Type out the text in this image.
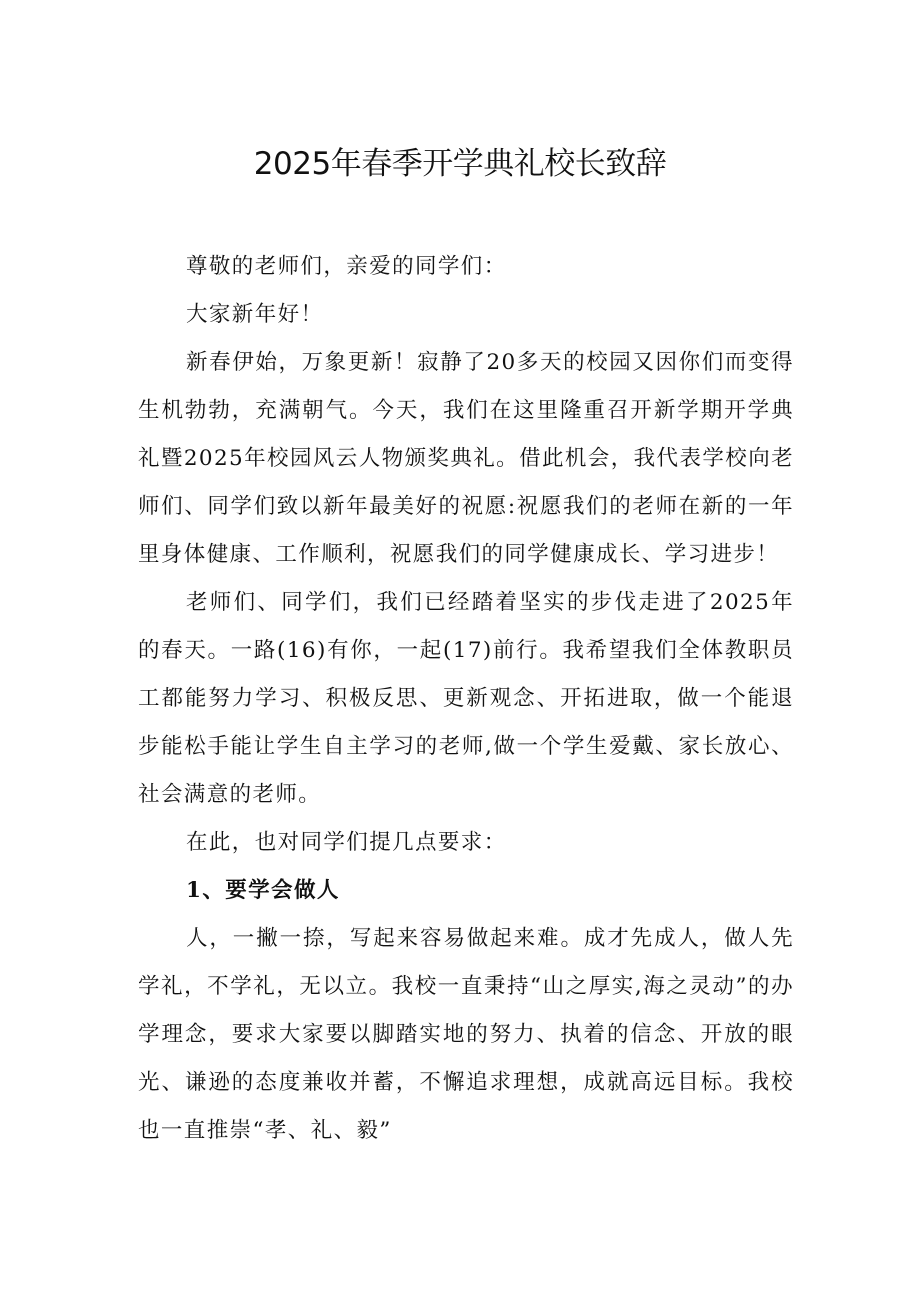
2025年春季开学典礼校长致辞

尊敬的老师们，亲爱的同学们：

大家新年好！

新春伊始，万象更新！寂静了20多天的校园又因你们而变得生机勃勃，充满朝气。今天，我们在这里隆重召开新学期开学典礼暨2025年校园风云人物颁奖典礼。借此机会，我代表学校向老师们、同学们致以新年最美好的祝愿:祝愿我们的老师在新的一年里身体健康、工作顺利，祝愿我们的同学健康成长、学习进步！

老师们、同学们，我们已经踏着坚实的步伐走进了2025年的春天。一路(16)有你，一起(17)前行。我希望我们全体教职员工都能努力学习、积极反思、更新观念、开拓进取，做一个能退步能松手能让学生自主学习的老师,做一个学生爱戴、家长放心、社会满意的老师。

在此，也对同学们提几点要求：

1、要学会做人

人，一撇一捺，写起来容易做起来难。成才先成人，做人先学礼，不学礼，无以立。我校一直秉持“山之厚实,海之灵动”的办学理念，要求大家要以脚踏实地的努力、执着的信念、开放的眼光、谦逊的态度兼收并蓄，不懈追求理想，成就高远目标。我校也一直推崇“孝、礼、毅”
